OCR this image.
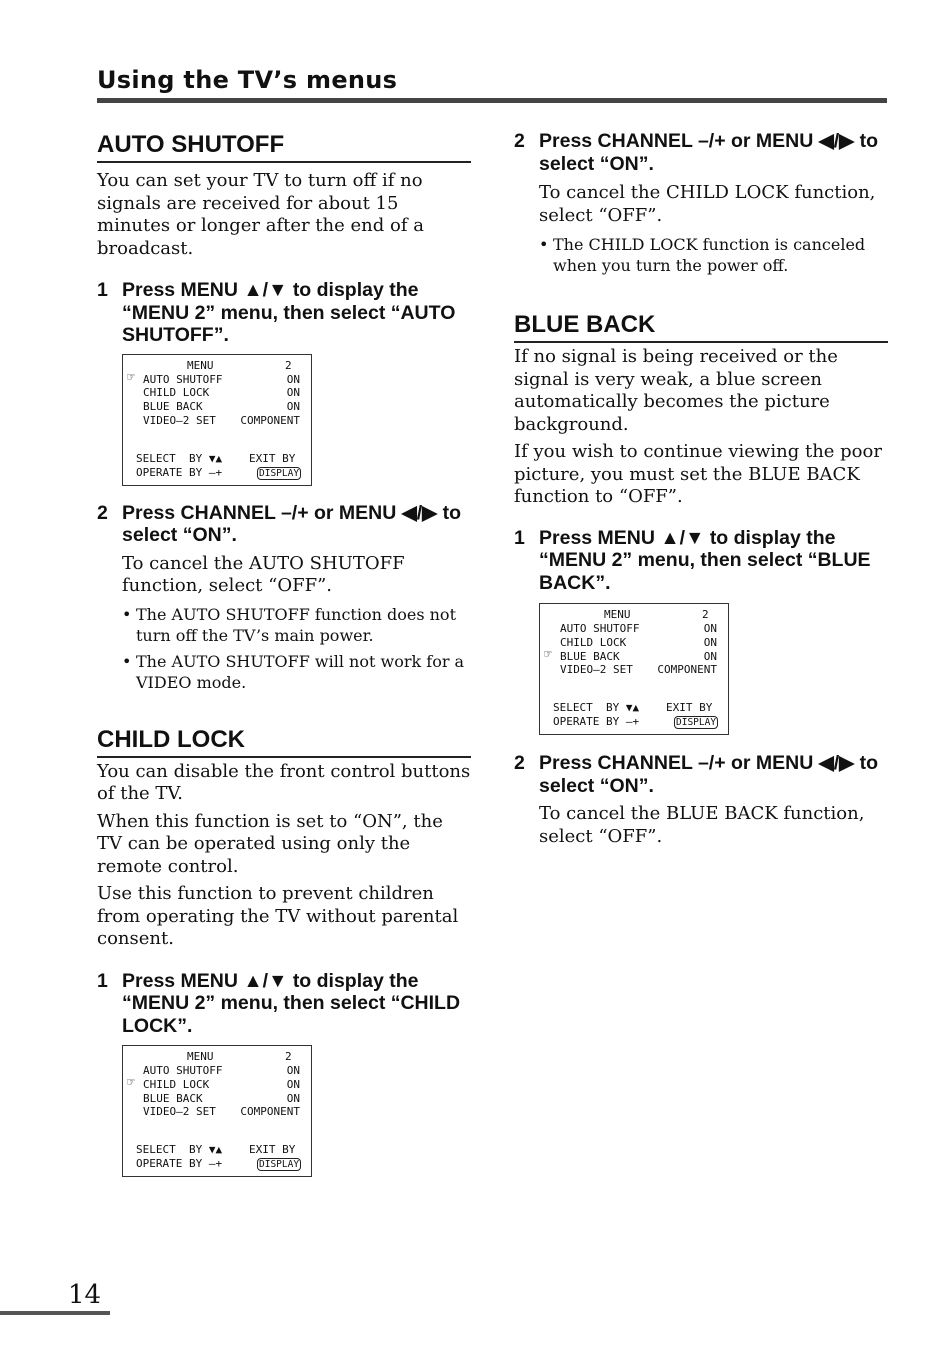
Using the TV’s menus
AUTO SHUTOFF

You can set your TV to turn off if no signals are received for about 15 minutes or longer after the end of a broadcast.

1 Press MENU ▲/▼ to display the “MENU 2” menu, then select “AUTO SHUTOFF”.
MENU	2
☞ AUTO SHUTOFF	ON
CHILD LOCK	ON
BLUE BACK	ON
VIDEO–2 SET COMPONENT
SELECT  BY ▼▲ EXIT BY
OPERATE BY –+	DISPLAY
2 Press CHANNEL –/+ or MENU ◀/▶ to select “ON”.

To cancel the AUTO SHUTOFF function, select “OFF”.

• The AUTO SHUTOFF function does not turn off the TV’s main power.
• The AUTO SHUTOFF will not work for a VIDEO mode.
CHILD LOCK

You can disable the front control buttons of the TV.

When this function is set to “ON”, the TV can be operated using only the remote control.

Use this function to prevent children from operating the TV without parental consent.

1 Press MENU ▲/▼ to display the “MENU 2” menu, then select “CHILD LOCK”.
MENU	2
☞
AUTO SHUTOFF	ON
CHILD LOCK	ON
BLUE BACK	ON
VIDEO–2 SET COMPONENT
SELECT  BY ▼▲ EXIT BY
OPERATE BY –+	DISPLAY
2 Press CHANNEL –/+ or MENU ◀/▶ to select “ON”.

To cancel the CHILD LOCK function, select “OFF”.

• The CHILD LOCK function is canceled when you turn the power off.
BLUE BACK

If no signal is being received or the signal is very weak, a blue screen automatically becomes the picture background.

If you wish to continue viewing the poor picture, you must set the BLUE BACK function to “OFF”.

1 Press MENU ▲/▼ to display the “MENU 2” menu, then select “BLUE BACK”.
MENU	2
☞
AUTO SHUTOFF	ON
CHILD LOCK	ON
BLUE BACK	ON
VIDEO–2 SET COMPONENT
SELECT  BY ▼▲ EXIT BY
OPERATE BY –+	DISPLAY
2 Press CHANNEL –/+ or MENU ◀/▶ to select “ON”.

To cancel the BLUE BACK function, select “OFF”.

14
